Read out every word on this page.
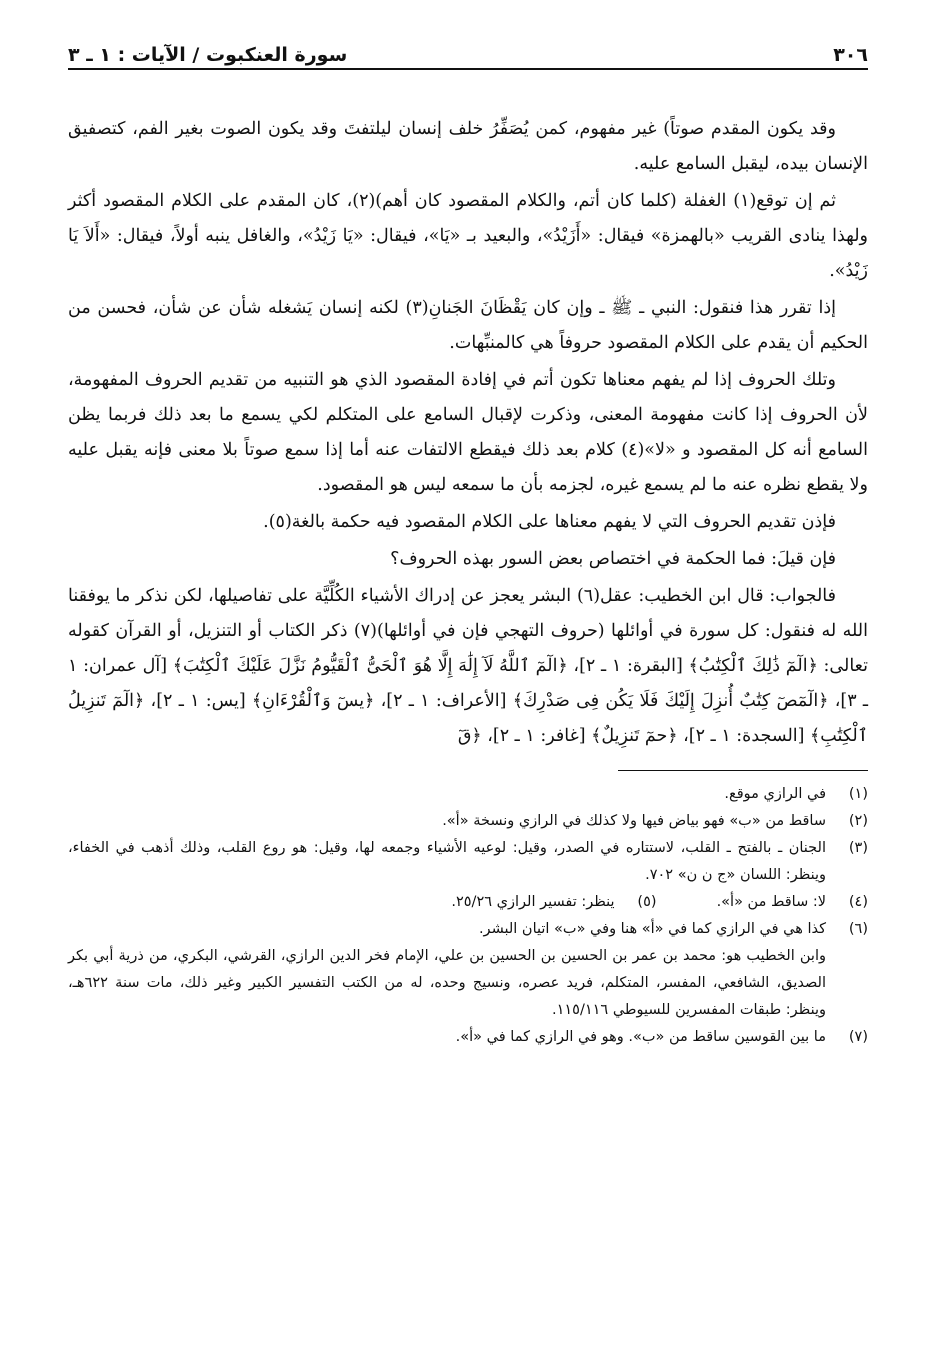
٣٠٦
سورة العنكبوت / الآيات : ١ ـ ٣

وقد يكون المقدم صوتاً) غير مفهوم، كمن يُصَفِّرُ خلف إنسان ليلتفتَ وقد يكون الصوت بغير الفم، كتصفيق الإنسان بيده، ليقبل السامع عليه.

ثم إن توقع(١) الغفلة (كلما كان أتم، والكلام المقصود كان أهم)(٢)، كان المقدم على الكلام المقصود أكثر ولهذا ينادى القريب «بالهمزة» فيقال: «أَزَيْدُ»، والبعيد بـ «يَا»، فيقال: «يَا زَيْدُ»، والغافل ينبه أولاً، فيقال: «أَلاَ يَا زَيْدُ».

إذا تقرر هذا فنقول: النبي ـ ﷺ ـ وإن كان يَقْظَانَ الجَنانِ(٣) لكنه إنسان يَشغله شأن عن شأن، فحسن من الحكيم أن يقدم على الكلام المقصود حروفاً هي كالمنبِّهات.

وتلك الحروف إذا لم يفهم معناها تكون أتم في إفادة المقصود الذي هو التنبيه من تقديم الحروف المفهومة، لأن الحروف إذا كانت مفهومة المعنى، وذكرت لإقبال السامع على المتكلم لكي يسمع ما بعد ذلك فربما يظن السامع أنه كل المقصود و «لا»(٤) كلام بعد ذلك فيقطع الالتفات عنه أما إذا سمع صوتاً بلا معنى فإنه يقبل عليه ولا يقطع نظره عنه ما لم يسمع غيره، لجزمه بأن ما سمعه ليس هو المقصود.

فإذن تقديم الحروف التي لا يفهم معناها على الكلام المقصود فيه حكمة بالغة(٥).

فإن قيلَ: فما الحكمة في اختصاص بعض السور بهذه الحروف؟

فالجواب: قال ابن الخطيب: عقل(٦) البشر يعجز عن إدراك الأشياء الكُلِّيَّة على تفاصيلها، لكن نذكر ما يوفقنا الله له فنقول: كل سورة في أوائلها (حروف التهجي فإن في أوائلها)(٧) ذكر الكتاب أو التنزيل، أو القرآن كقوله تعالى: ﴿الٓمٓ ذَٰلِكَ ٱلْكِتَٰبُ﴾ [البقرة: ١ ـ ٢]، ﴿الٓمٓ ٱللَّهُ لَآ إِلَٰهَ إِلَّا هُوَ ٱلْحَىُّ ٱلْقَيُّومُ نَزَّلَ عَلَيْكَ ٱلْكِتَٰبَ﴾ [آل عمران: ١ ـ ٣]، ﴿الٓمٓصٓ كِتَٰبٌ أُنزِلَ إِلَيْكَ فَلَا يَكُن فِى صَدْرِكَ﴾ [الأعراف: ١ ـ ٢]، ﴿يسٓ وَٱلْقُرْءَانِ﴾ [يس: ١ ـ ٢]، ﴿الٓمٓ تَنزِيلُ ٱلْكِتَٰبِ﴾ [السجدة: ١ ـ ٢]، ﴿حمٓ تَنزِيلٌ﴾ [غافر: ١ ـ ٢]، ﴿قٓ

(١)
في الرازي موقع.
(٢)
ساقط من «ب» فهو بياض فيها ولا كذلك في الرازي ونسخة «أ».
(٣)
الجنان ـ بالفتح ـ القلب، لاستتاره في الصدر، وقيل: لوعيه الأشياء وجمعه لها، وقيل: هو روع القلب، وذلك أذهب في الخفاء، وينظر: اللسان «ج ن ن» ٧٠٢.
(٤)
لا: ساقط من «أ».
(٥)
ينظر: تفسير الرازي ٢٥/٢٦.
(٦)
كذا هي في الرازي كما في «أ» هنا وفي «ب» اتيان البشر.
وابن الخطيب هو: محمد بن عمر بن الحسين بن الحسين بن علي، الإمام فخر الدين الرازي، القرشي، البكري، من ذرية أبي بكر الصديق، الشافعي، المفسر، المتكلم، فريد عصره، ونسيج وحده، له من الكتب التفسير الكبير وغير ذلك، مات سنة ٦٢٢هـ، وينظر: طبقات المفسرين للسيوطي ١١٥/١١٦.
(٧)
ما بين القوسين ساقط من «ب». وهو في الرازي كما في «أ».
